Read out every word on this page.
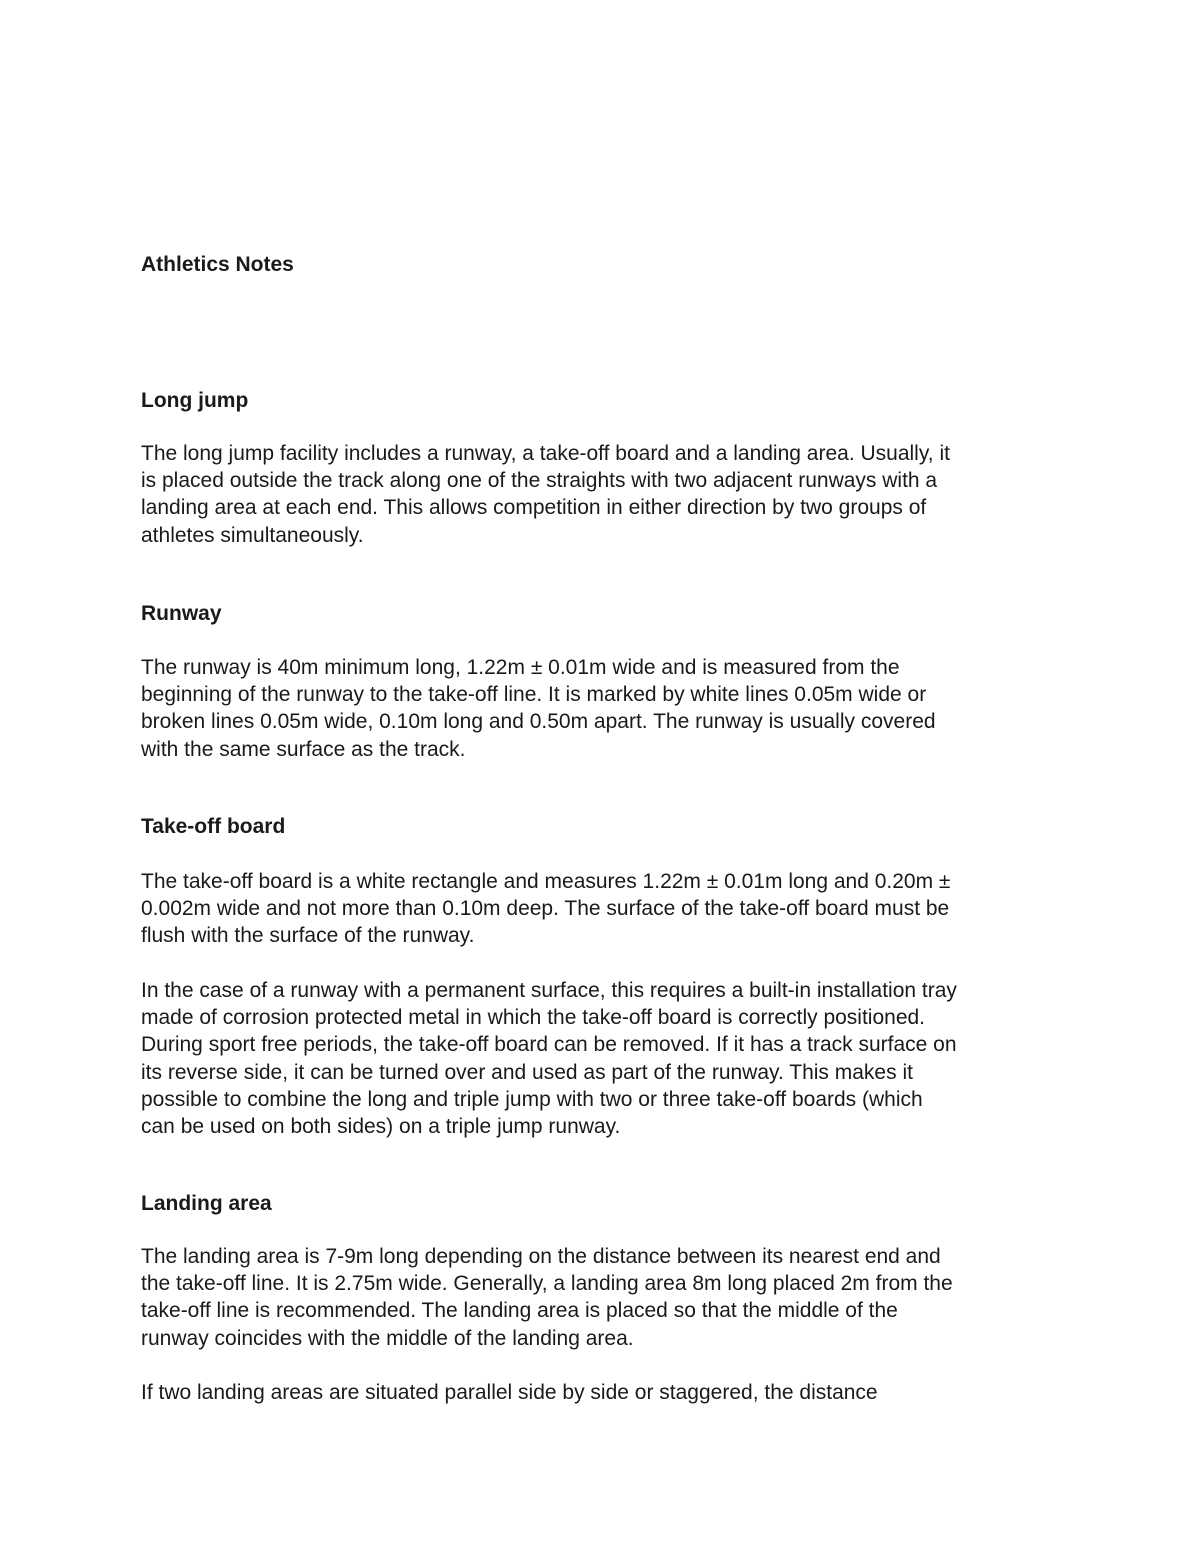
Athletics Notes
Long jump

The long jump facility includes a runway, a take-off board and a landing area. Usually, it
is placed outside the track along one of the straights with two adjacent runways with a
landing area at each end. This allows competition in either direction by two groups of
athletes simultaneously.

Runway

The runway is 40m minimum long, 1.22m ± 0.01m wide and is measured from the
beginning of the runway to the take-off line. It is marked by white lines 0.05m wide or
broken lines 0.05m wide, 0.10m long and 0.50m apart. The runway is usually covered
with the same surface as the track.

Take-off board

The take-off board is a white rectangle and measures 1.22m ± 0.01m long and 0.20m ±
0.002m wide and not more than 0.10m deep. The surface of the take-off board must be
flush with the surface of the runway.

In the case of a runway with a permanent surface, this requires a built-in installation tray
made of corrosion protected metal in which the take-off board is correctly positioned.
During sport free periods, the take-off board can be removed. If it has a track surface on
its reverse side, it can be turned over and used as part of the runway. This makes it
possible to combine the long and triple jump with two or three take-off boards (which
can be used on both sides) on a triple jump runway.

Landing area

The landing area is 7-9m long depending on the distance between its nearest end and
the take-off line. It is 2.75m wide. Generally, a landing area 8m long placed 2m from the
take-off line is recommended. The landing area is placed so that the middle of the
runway coincides with the middle of the landing area.

If two landing areas are situated parallel side by side or staggered, the distance
